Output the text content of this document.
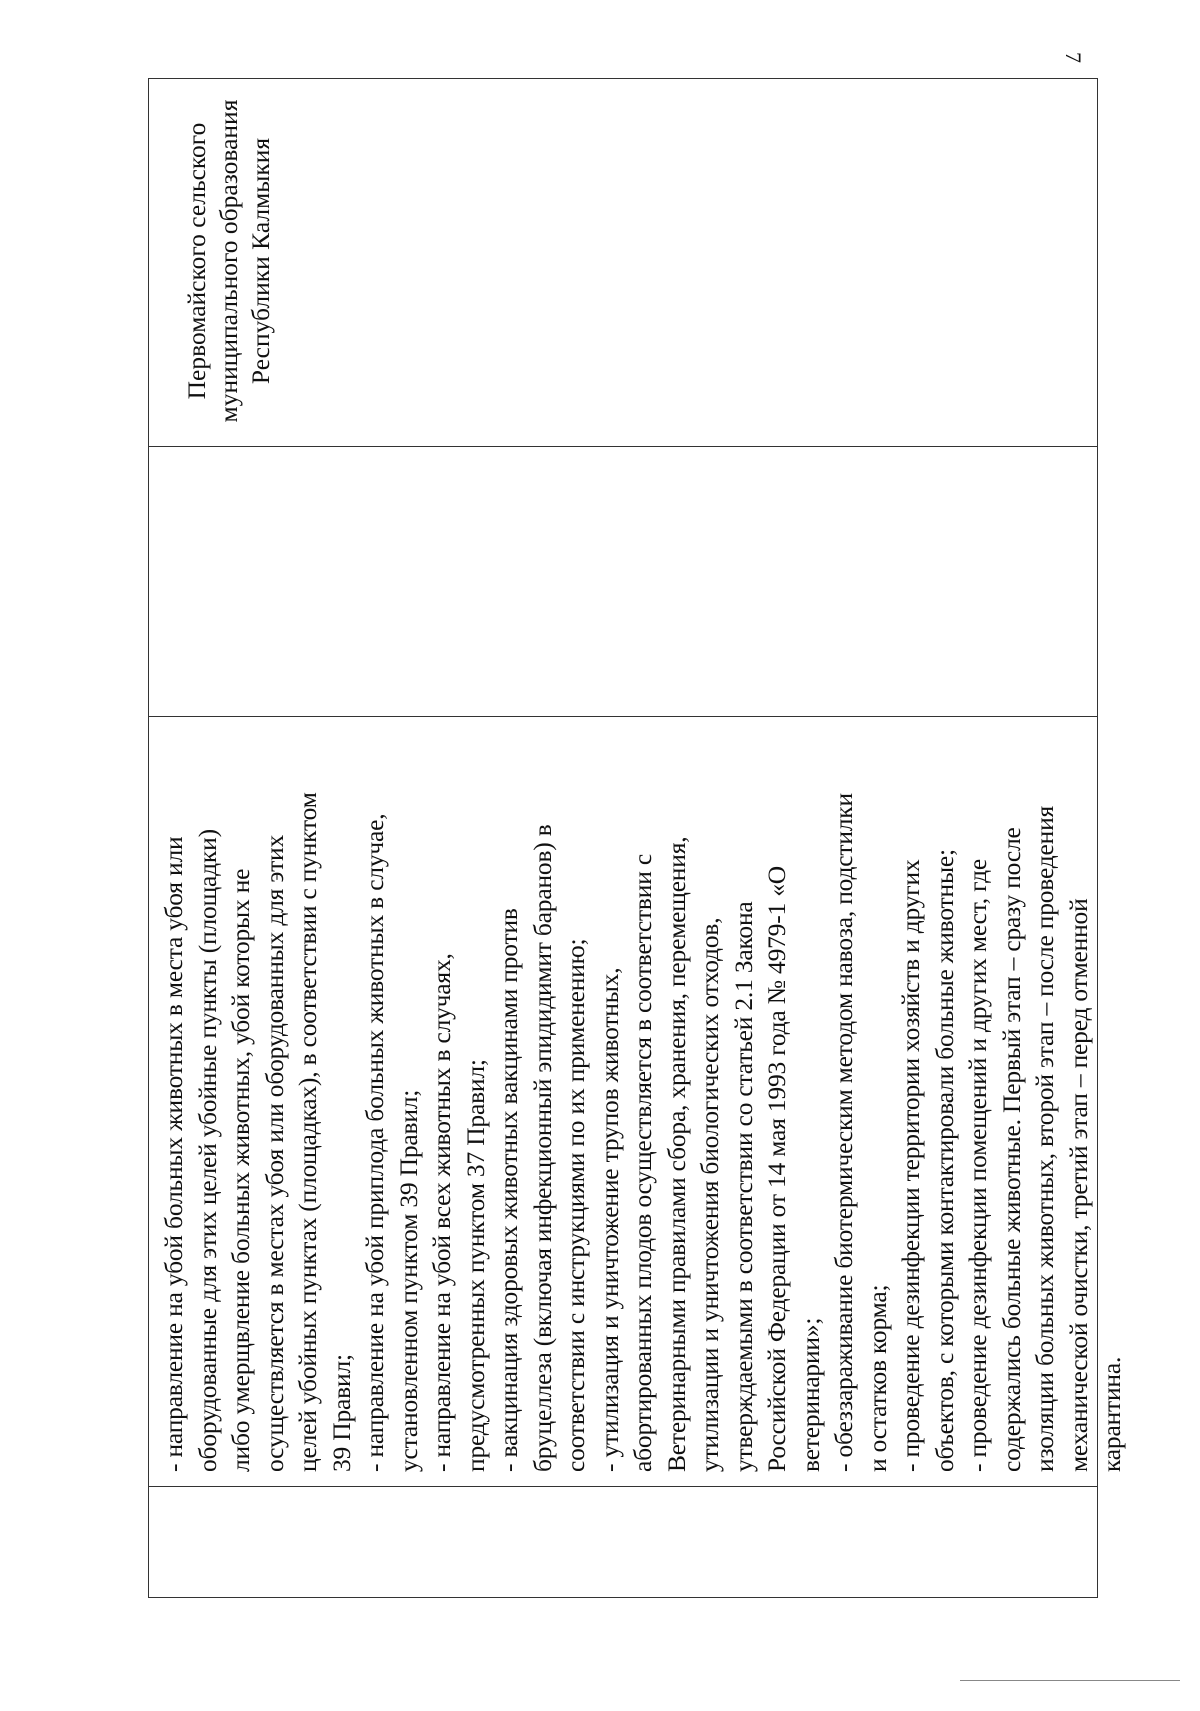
7

- направление на убой больных животных в места убоя или оборудованные для этих целей убойные пункты (площадки) либо умерщвление больных животных, убой которых не осуществляется в местах убоя или оборудованных для этих целей убойных пунктах (площадках), в соответствии с пунктом 39 Правил; - направление на убой приплода больных животных в случае, установленном пунктом 39 Правил; - направление на убой всех животных в случаях, предусмотренных пунктом 37 Правил; - вакцинация здоровых животных вакцинами против бруцеллеза (включая инфекционный эпидидимит баранов) в соответствии с инструкциями по их применению; - утилизация и уничтожение трупов животных, абортированных плодов осуществляется в соответствии с Ветеринарными правилами сбора, хранения, перемещения, утилизации и уничтожения биологических отходов, утверждаемыми в соответствии со статьей 2.1 Закона Российской Федерации от 14 мая 1993 года № 4979-1 «О ветеринарии»; - обеззараживание биотермическим методом навоза, подстилки и остатков корма; - проведение дезинфекции территории хозяйств и других объектов, с которыми контактировали больные животные; - проведение дезинфекции помещений и других мест, где содержались больные животные. Первый этап – сразу после изоляции больных животных, второй этап – после проведения механической очистки, третий этап – перед отменной карантина.

Первомайского сельского муниципального образования Республики Калмыкия
